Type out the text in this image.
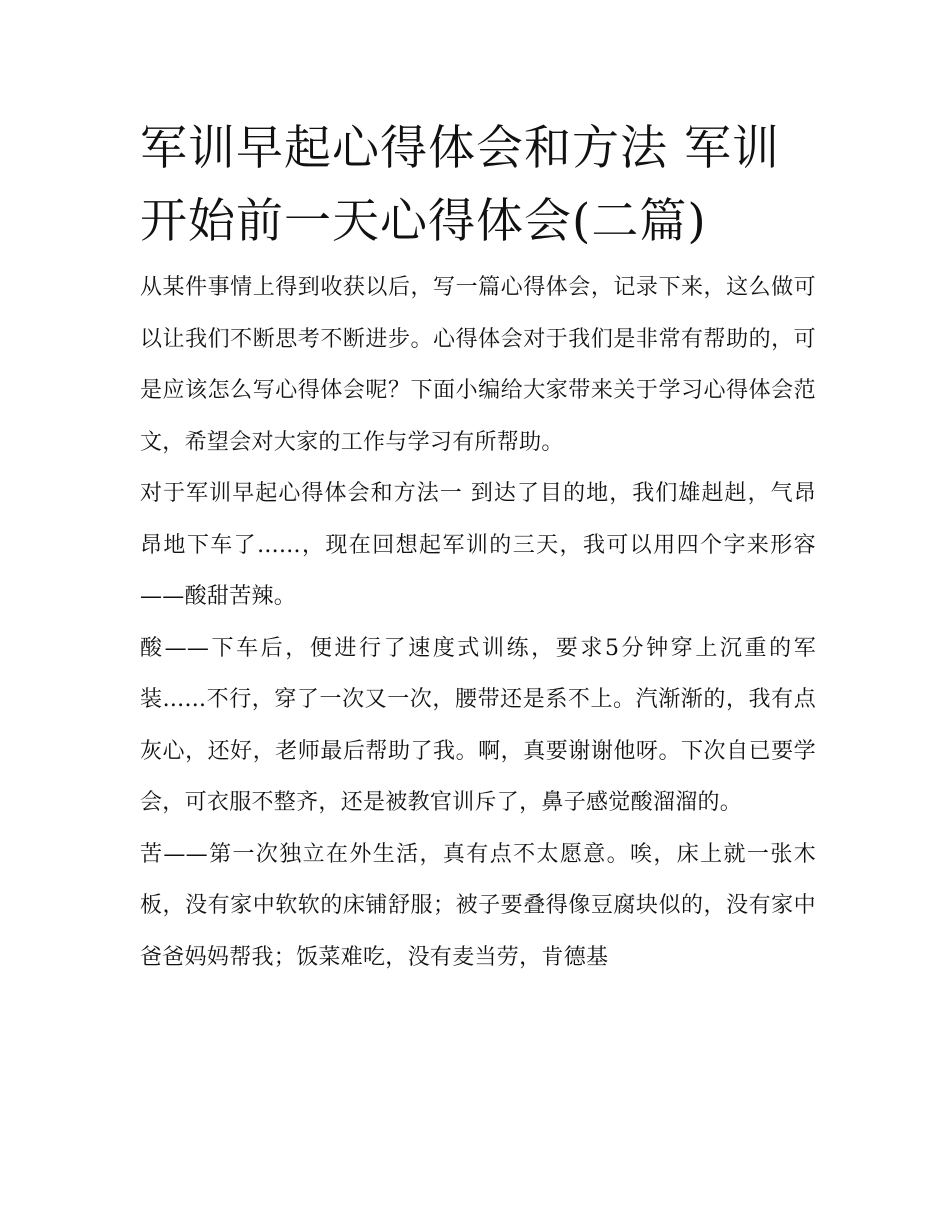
军训早起心得体会和方法 军训开始前一天心得体会(二篇)

从某件事情上得到收获以后，写一篇心得体会，记录下来，这么做可以让我们不断思考不断进步。心得体会对于我们是非常有帮助的，可是应该怎么写心得体会呢？下面小编给大家带来关于学习心得体会范文，希望会对大家的工作与学习有所帮助。

对于军训早起心得体会和方法一 到达了目的地，我们雄赳赳，气昂昂地下车了......，现在回想起军训的三天，我可以用四个字来形容——酸甜苦辣。

酸——下车后，便进行了速度式训练，要求5分钟穿上沉重的军装......不行，穿了一次又一次，腰带还是系不上。汽渐渐的，我有点灰心，还好，老师最后帮助了我。啊，真要谢谢他呀。下次自已要学会，可衣服不整齐，还是被教官训斥了，鼻子感觉酸溜溜的。

苦——第一次独立在外生活，真有点不太愿意。唉，床上就一张木板，没有家中软软的床铺舒服；被子要叠得像豆腐块似的，没有家中爸爸妈妈帮我；饭菜难吃，没有麦当劳，肯德基
